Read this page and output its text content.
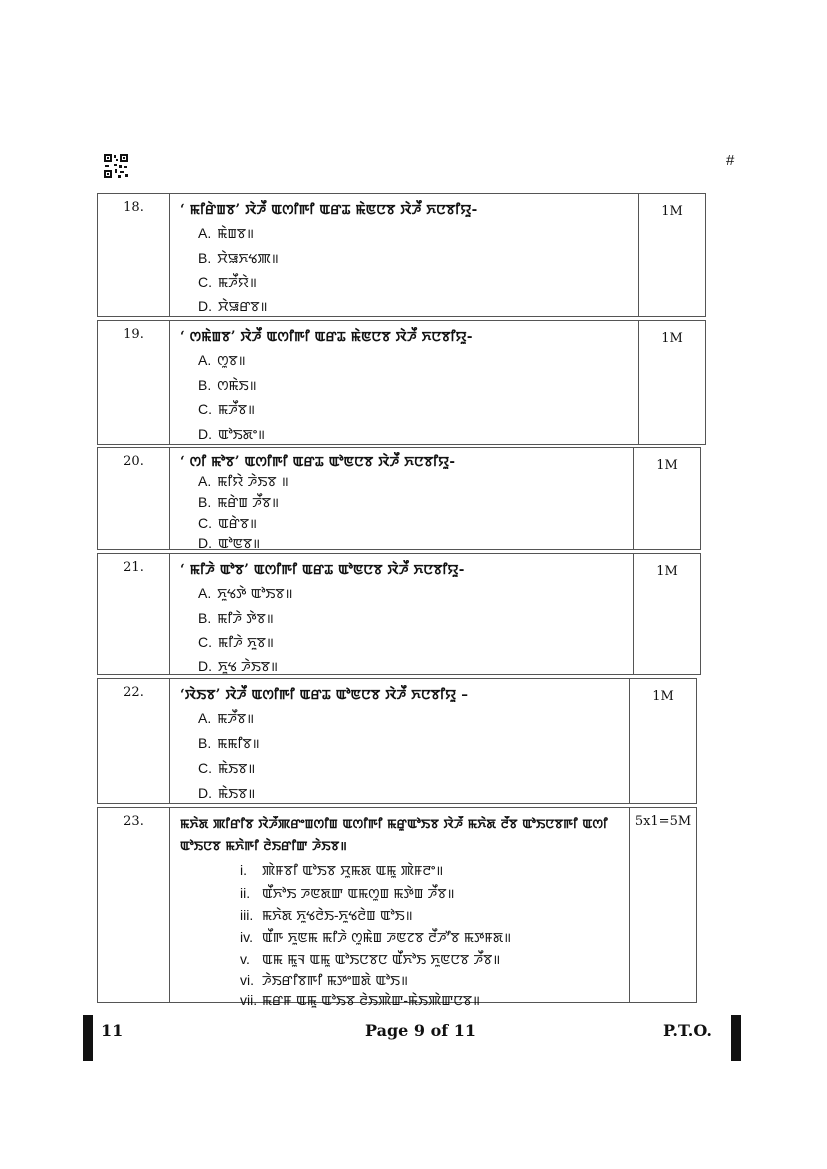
#
18.	‘ ꯃꯤꯔꯥꯡꯕ’ ꯋꯥꯍꯩ ꯑꯁꯤꯒꯤ ꯑꯔꯊ ꯃꯥꯟꯅꯕ ꯋꯥꯍꯩ ꯈꯅꯕꯤꯌꯨ-
A. ꯃꯥꯡꯕ॥
B. ꯆꯥꯎꯈꯠꯄ॥
C. ꯃꯍꯩꯌꯥ॥
D. ꯆꯥꯎꯔꯕ॥
1M
19.	‘ ꯁꯃꯥꯡꯕ’ ꯋꯥꯍꯩ ꯑꯁꯤꯒꯤ ꯑꯔꯊ ꯃꯥꯟꯅꯕ ꯋꯥꯍꯩ ꯈꯅꯕꯤꯌꯨ-
A. ꯁꯨꯕ॥
B. ꯁꯃꯥꯏ॥
C. ꯃꯍꯩꯕ॥
D. ꯑꯣꯏꯗꯦ॥
1M
20.	‘ ꯁꯤ ꯃꯣꯕ’ ꯑꯁꯤꯒꯤ ꯑꯔꯊ ꯑꯣꯟꯅꯕ ꯋꯥꯍꯩ ꯈꯅꯕꯤꯌꯨ-
A. ꯃꯤꯌꯥ ꯍꯥꯏꯕ ॥
B. ꯃꯔꯥꯡ ꯍꯩꯕ॥
C. ꯑꯔꯥꯕ॥
D. ꯑꯣꯟꯕ॥
1M
21.	‘ ꯃꯤꯍꯥ ꯑꯣꯕ’ ꯑꯁꯤꯒꯤ ꯑꯔꯊ ꯑꯣꯟꯅꯕ ꯋꯥꯍꯩ ꯈꯅꯕꯤꯌꯨ-
A. ꯈꯨꯠꯇꯥ ꯑꯣꯏꯕ॥
B. ꯃꯤꯍꯥ ꯇꯥꯕ॥
C. ꯃꯤꯍꯥ ꯈꯨꯕ॥
D. ꯈꯨꯠ ꯍꯥꯏꯕ॥
1M
22.	‘ꯋꯥꯏꯕ’ ꯋꯥꯍꯩ ꯑꯁꯤꯒꯤ ꯑꯔꯊ ꯑꯣꯟꯅꯕ ꯋꯥꯍꯩ ꯈꯅꯕꯤꯌꯨ –
A. ꯃꯍꯩꯕ॥
B. ꯃꯃꯤꯕ॥
C. ꯃꯥꯏꯕ॥
D. ꯃꯥꯏꯕ॥
1M
23.	ꯃꯈꯥꯗ ꯄꯤꯔꯤꯕ ꯋꯥꯍꯩꯄꯔꯦꯡꯁꯤꯡ ꯑꯁꯤꯒꯤ ꯃꯔꯨꯑꯣꯏꯕ ꯋꯥꯍꯩ ꯃꯈꯥꯗ ꯂꯩꯕ ꯑꯣꯏꯅꯕꯒꯤ ꯑꯁꯤ
ꯑꯣꯏꯅꯕ ꯃꯈꯥꯒꯤ ꯂꯥꯏꯔꯤꯛ ꯍꯥꯏꯕ॥
i. ꯄꯥꯝꯕꯤ ꯑꯣꯏꯕ ꯆꯨꯃꯗ ꯑꯃꯨ ꯄꯥꯝꯂꯦ॥
ii. ꯑꯩꯈꯣꯏ ꯍꯟꯗꯛ ꯑꯃꯁꯨꯡ ꯃꯇꯥꯡ ꯍꯩꯕ॥
iii. ꯃꯈꯥꯗ ꯈꯨꯠꯂꯥꯏ-ꯈꯨꯠꯂꯥꯡ ꯑꯣꯏ॥
iv. ꯑꯩꯒ ꯈꯨꯟꯃ ꯃꯤꯍꯥ ꯁꯨꯃꯥꯡ ꯍꯟꯖꯕ ꯂꯩꯍꯧꯕ ꯃꯇꯝꯗ॥
v. ꯑꯃ ꯃꯨꯜ ꯑꯃꯨ ꯑꯣꯏꯅꯕꯅ ꯑꯩꯈꯣꯏ ꯈꯨꯟꯅꯕ ꯍꯩꯕ॥
vi. ꯍꯥꯏꯔꯤꯕꯒꯤ ꯃꯇꯦꯡꯗꯥ ꯑꯣꯏ॥
vii. ꯃꯔꯝ ꯑꯃꯨ ꯑꯣꯏꯕ ꯂꯥꯏꯄꯥꯛ-ꯃꯥꯏꯄꯥꯛꯅꯕ॥
5x1=5M
11	Page 9 of 11	P.T.O.
